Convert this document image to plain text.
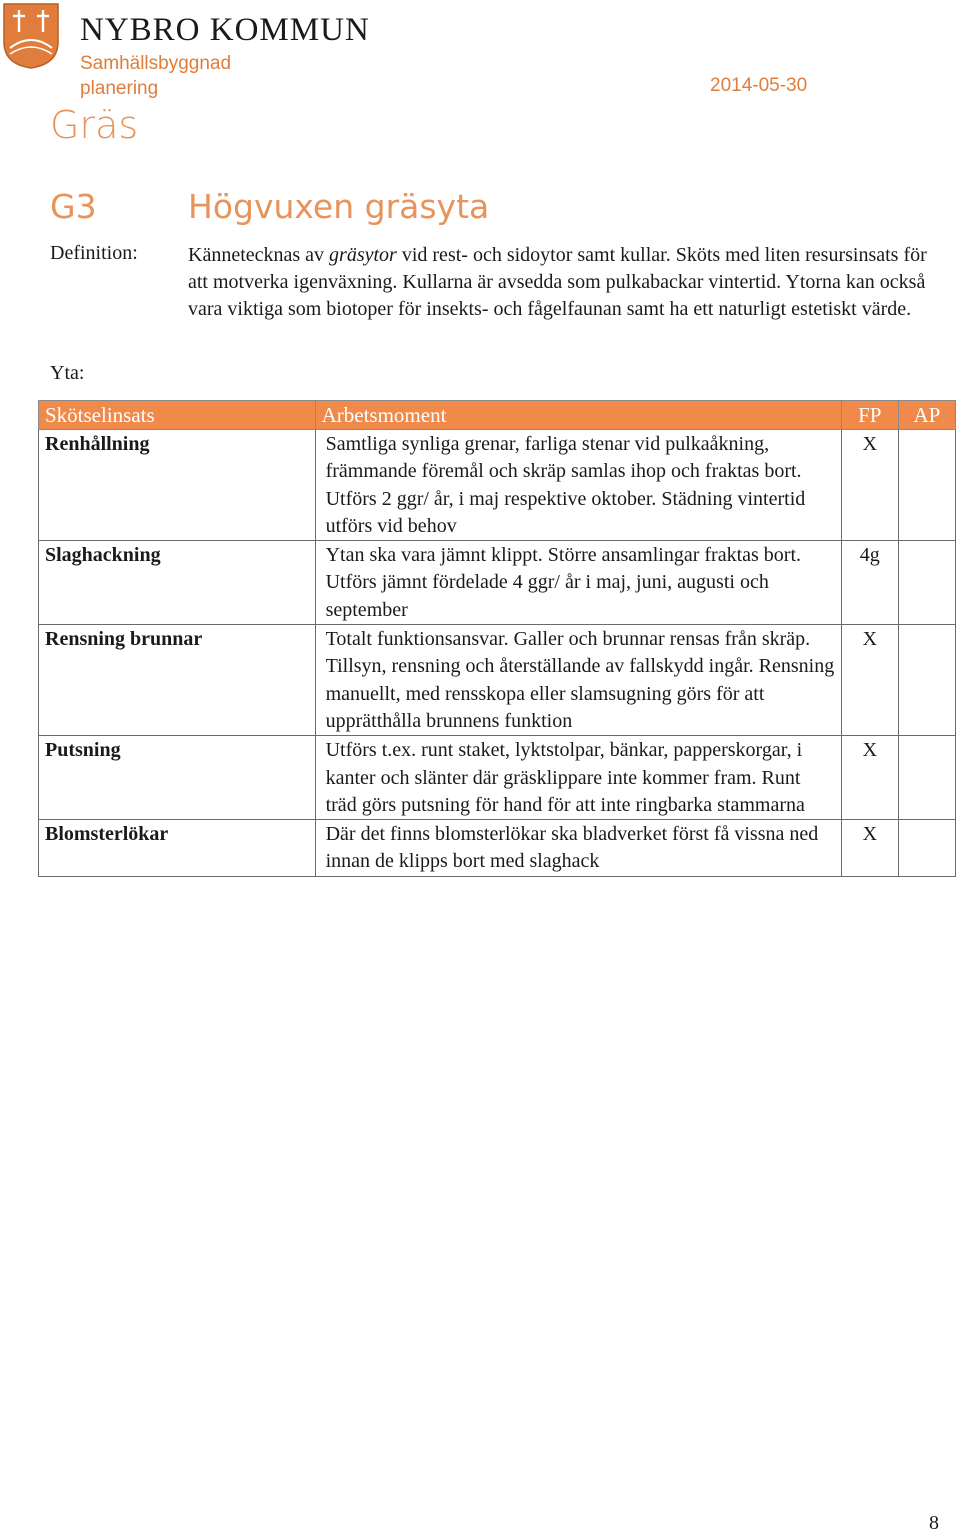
NYBRO KOMMUN
Samhällsbyggnad planering	2014-05-30
Gräs
G3	Högvuxen gräsyta
Definition:	Kännetecknas av gräsytor vid rest- och sidoytor samt kullar. Sköts med liten resursinsats för att motverka igenväxning. Kullarna är avsedda som pulkabackar vintertid. Ytorna kan också vara viktiga som biotoper för insekts- och fågelfaunan samt ha ett naturligt estetiskt värde.
Yta:
Skötselinsats	Arbetsmoment	FP	AP
Renhållning	Samtliga synliga grenar, farliga stenar vid pulkaåkning, främmande föremål och skräp samlas ihop och fraktas bort. Utförs 2 ggr/ år, i maj respektive oktober. Städning vintertid utförs vid behov	X	
Slaghackning	Ytan ska vara jämnt klippt. Större ansamlingar fraktas bort. Utförs jämnt fördelade 4 ggr/ år i maj, juni, augusti och september	4g	
Rensning brunnar	Totalt funktionsansvar. Galler och brunnar rensas från skräp. Tillsyn, rensning och återställande av fallskydd ingår. Rensning manuellt, med rensskopa eller slamsugning görs för att upprätthålla brunnens funktion	X	
Putsning	Utförs t.ex. runt staket, lyktstolpar, bänkar, papperskorgar, i kanter och slänter där gräsklippare inte kommer fram. Runt träd görs putsning för hand för att inte ringbarka stammarna	X	
Blomsterlökar	Där det finns blomsterlökar ska bladverket först få vissna ned innan de klipps bort med slaghack	X	
8
